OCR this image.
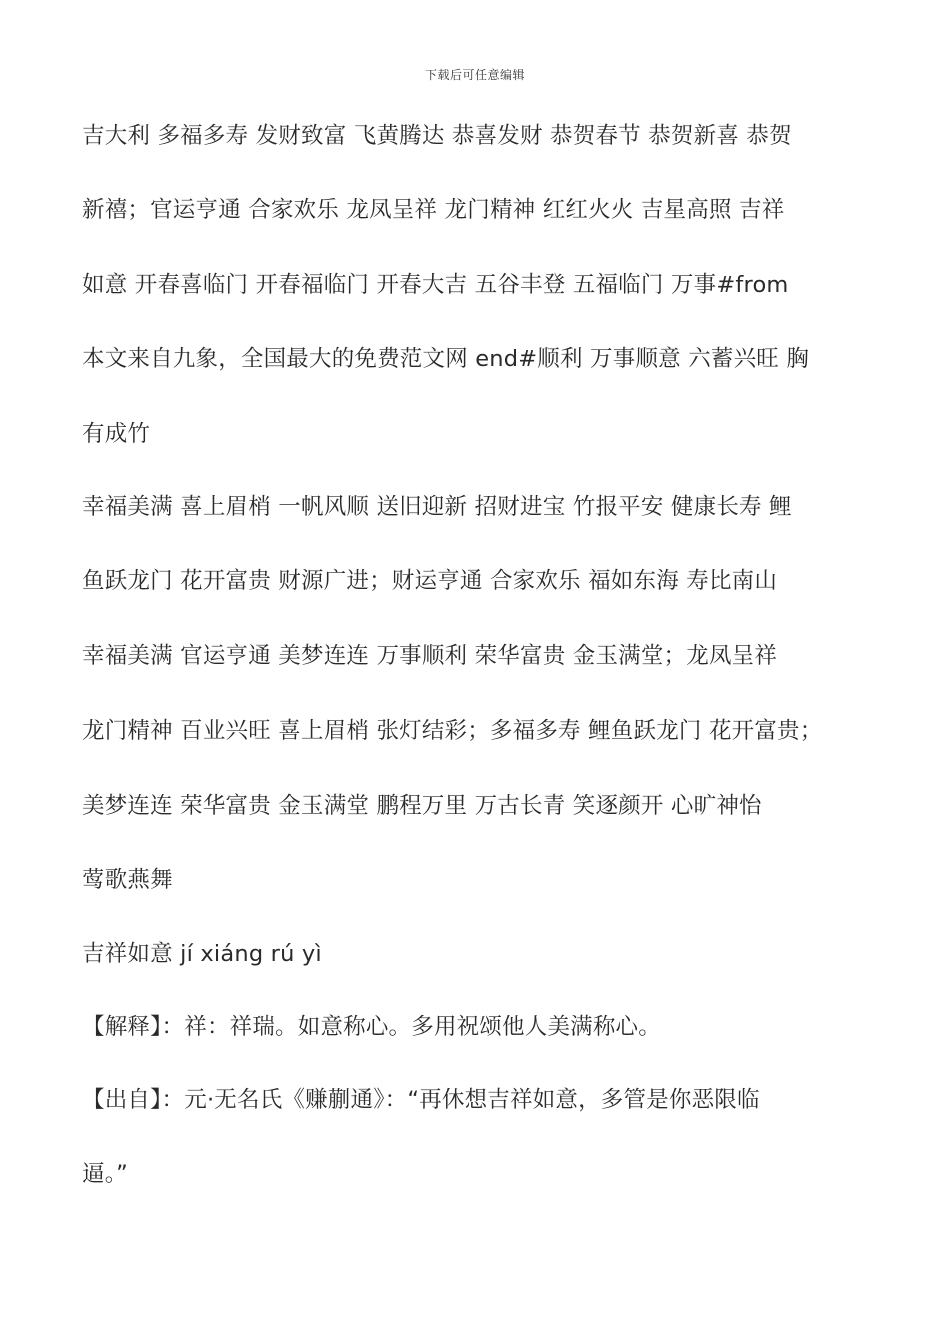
下载后可任意编辑
吉大利 多福多寿 发财致富 飞黄腾达 恭喜发财 恭贺春节 恭贺新喜 恭贺
新禧；官运亨通 合家欢乐 龙凤呈祥 龙门精神 红红火火 吉星高照 吉祥
如意 开春喜临门 开春福临门 开春大吉 五谷丰登 五福临门 万事#from
本文来自九象，全国最大的免费范文网 end#顺利 万事顺意 六蓄兴旺 胸
有成竹
幸福美满 喜上眉梢 一帆风顺 送旧迎新 招财进宝 竹报平安 健康长寿 鲤
鱼跃龙门 花开富贵 财源广进；财运亨通 合家欢乐 福如东海 寿比南山
幸福美满 官运亨通 美梦连连 万事顺利 荣华富贵 金玉满堂；龙凤呈祥
龙门精神 百业兴旺 喜上眉梢 张灯结彩；多福多寿 鲤鱼跃龙门 花开富贵；
美梦连连 荣华富贵 金玉满堂 鹏程万里 万古长青 笑逐颜开 心旷神怡
莺歌燕舞
吉祥如意 jí xiáng rú yì
【解释】：祥：祥瑞。如意称心。多用祝颂他人美满称心。
【出自】：元·无名氏《赚蒯通》：“再休想吉祥如意，多管是你恶限临
逼。”
